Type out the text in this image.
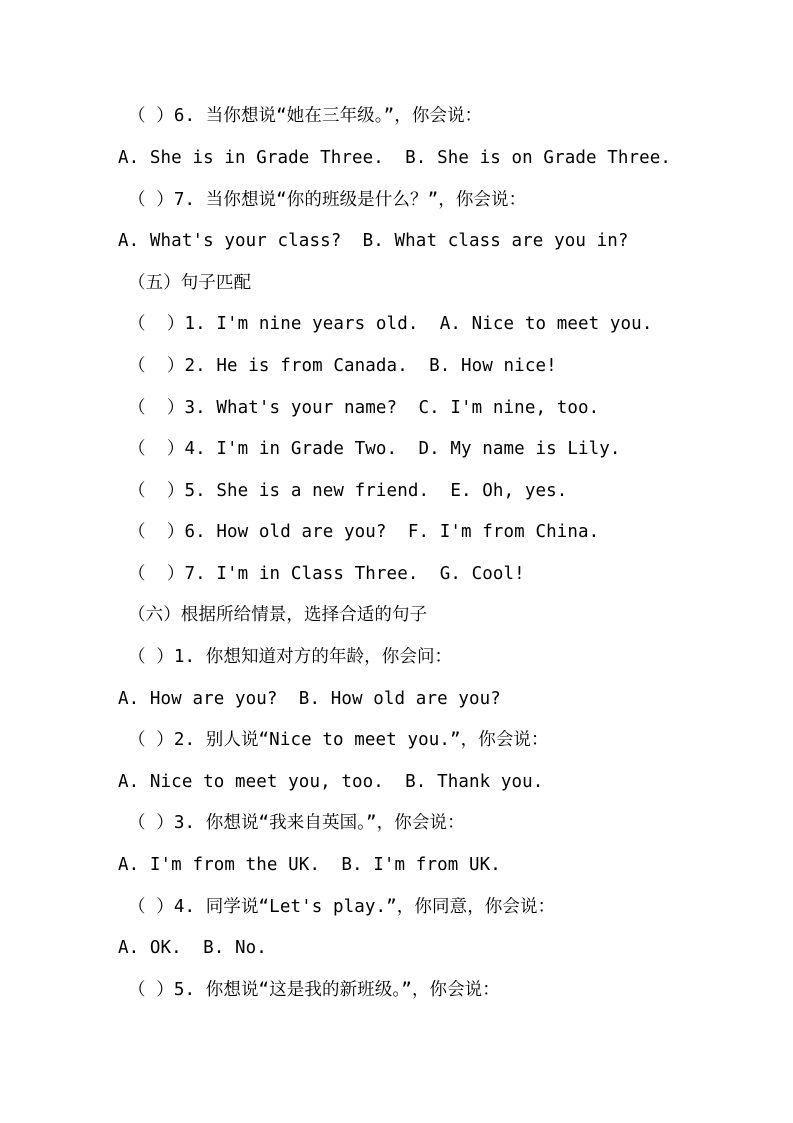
（ ）6. 当你想说“她在三年级。”，你会说：
A. She is in Grade Three.  B. She is on Grade Three.
（ ）7. 当你想说“你的班级是什么？”，你会说：
A. What's your class?  B. What class are you in?
（五）句子匹配
（  ）1. I'm nine years old.  A. Nice to meet you.
（  ）2. He is from Canada.  B. How nice!
（  ）3. What's your name?  C. I'm nine, too.
（  ）4. I'm in Grade Two.  D. My name is Lily.
（  ）5. She is a new friend.  E. Oh, yes.
（  ）6. How old are you?  F. I'm from China.
（  ）7. I'm in Class Three.  G. Cool!
（六）根据所给情景，选择合适的句子
（ ）1. 你想知道对方的年龄，你会问：
A. How are you?  B. How old are you?
（ ）2. 别人说“Nice to meet you.”，你会说：
A. Nice to meet you, too.  B. Thank you.
（ ）3. 你想说“我来自英国。”，你会说：
A. I'm from the UK.  B. I'm from UK.
（ ）4. 同学说“Let's play.”，你同意，你会说：
A. OK.  B. No.
（ ）5. 你想说“这是我的新班级。”，你会说：
